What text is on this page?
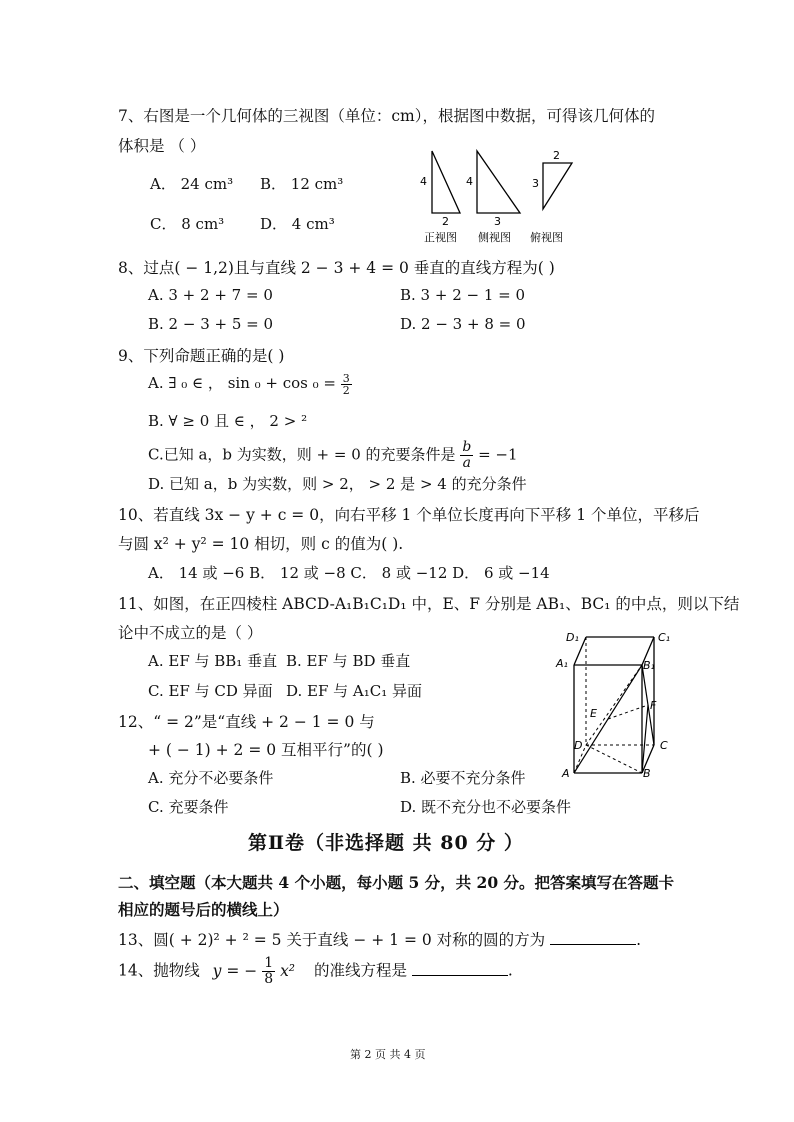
7、右图是一个几何体的三视图（单位：cm），根据图中数据，可得该几何体的
体积是 （ ）
A． 24 cm³ B． 12 cm³
C． 8 cm³ D． 4 cm³
4
2
4
3
3
2
正视图 侧视图 俯视图
8、过点( − 1,2)且与直线 2 − 3 + 4 = 0 垂直的直线方程为( )
A. 3 + 2 + 7 = 0	B. 3 + 2 − 1 = 0
B. 2 − 3 + 5 = 0	D. 2 − 3 + 8 = 0
9、下列命题正确的是( )
A. ∃ ₀ ∈ ， $\sin _0 + \cos _0 = \frac{3}{2}$
B. ∀ ≥ 0 且 ∈ ， 2 > ²
C.已知 a，b 为实数，则 + = 0 的充要条件是 $\frac{b}{a} = -1$
D. 已知 a，b 为实数，则 > 2， > 2 是 > 4 的充分条件
10、若直线 3x − y + c = 0，向右平移 1 个单位长度再向下平移 1 个单位，平移后
与圆 x² + y² = 10 相切，则 c 的值为( ).
A． 14 或 −6 B． 12 或 −8 C． 8 或 −12 D． 6 或 −14
11、如图，在正四棱柱 ABCD-A₁B₁C₁D₁ 中，E、F 分别是 AB₁、BC₁ 的中点，则以下结
论中不成立的是（ ）
A. EF 与 BB₁ 垂直 B. EF 与 BD 垂直
C. EF 与 CD 异面 D. EF 与 A₁C₁ 异面
D₁	C₁
A₁	B₁
E
F
D	C
A	B
12、“ = 2”是“直线 + 2 − 1 = 0 与
+ ( − 1) + 2 = 0 互相平行”的( )
A. 充分不必要条件	B. 必要不充分条件
C. 充要条件	D. 既不充分也不必要条件
第Ⅱ卷（非选择题 共 80 分 ）
二、填空题（本大题共 4 个小题，每小题 5 分，共 20 分。把答案填写在答题卡
相应的题号后的横线上）
13、圆( + 2)² + ² = 5 关于直线 − + 1 = 0 对称的圆的方为	.
14、抛物线 y = − $\frac{1}{8} x^2$ 的准线方程是	.
第 2 页 共 4 页
